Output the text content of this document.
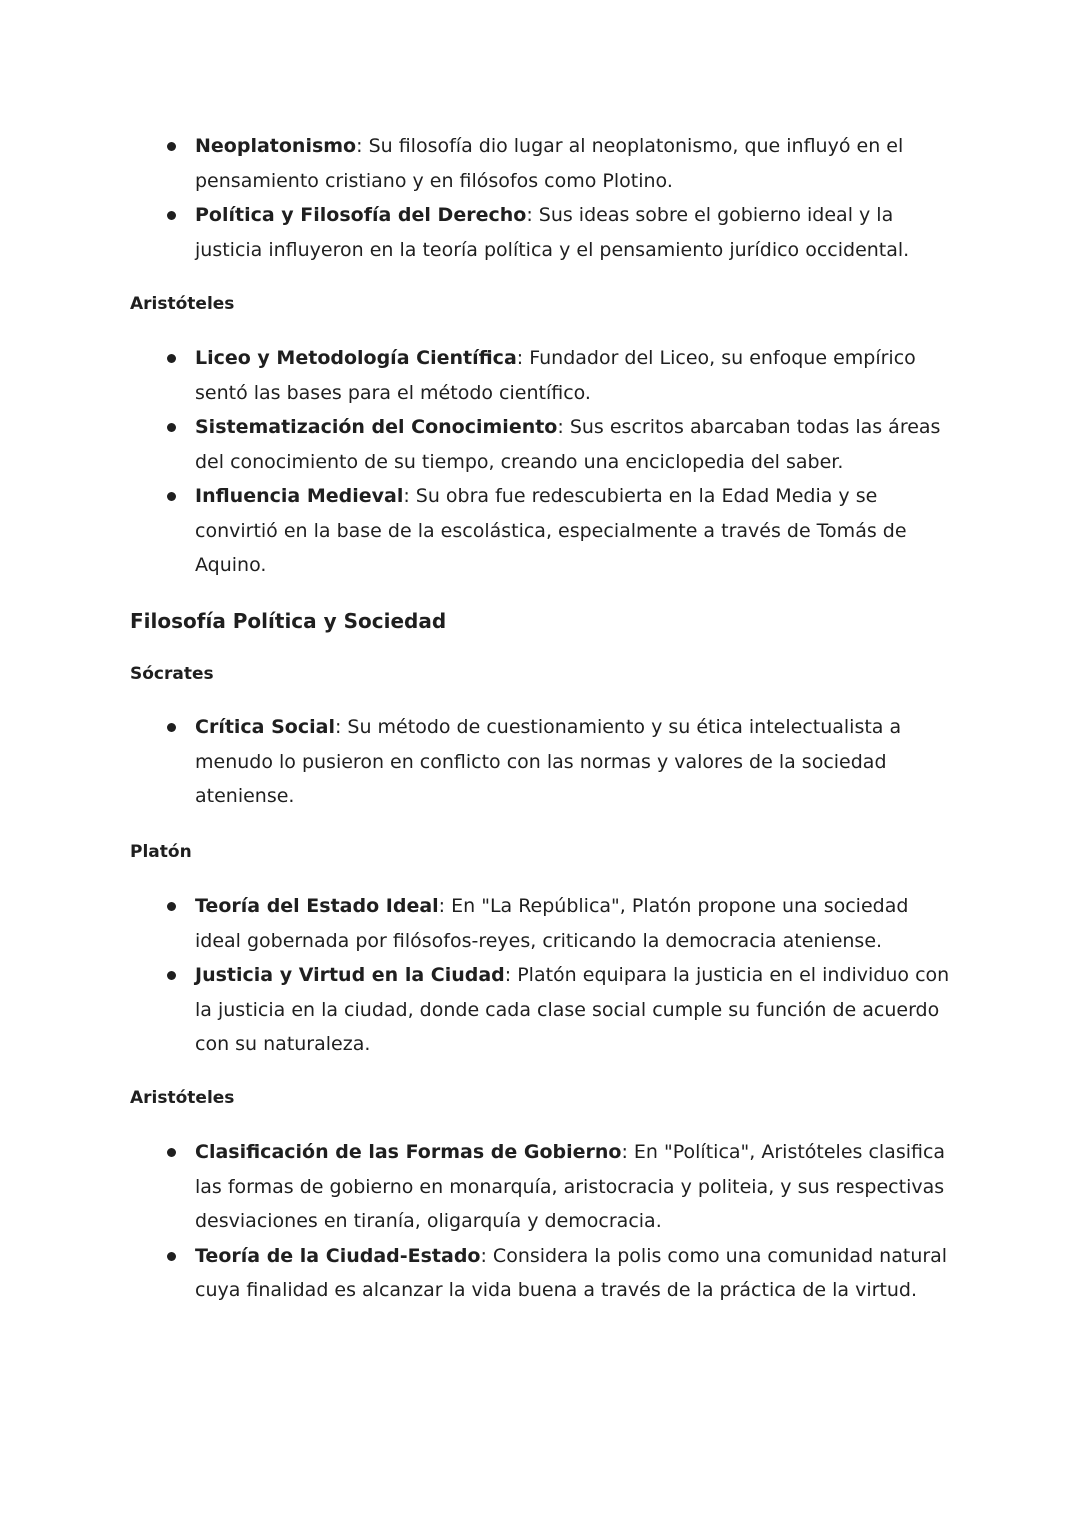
Neoplatonismo: Su filosofía dio lugar al neoplatonismo, que influyó en el pensamiento cristiano y en filósofos como Plotino.
Política y Filosofía del Derecho: Sus ideas sobre el gobierno ideal y la justicia influyeron en la teoría política y el pensamiento jurídico occidental.
Aristóteles
Liceo y Metodología Científica: Fundador del Liceo, su enfoque empírico sentó las bases para el método científico.
Sistematización del Conocimiento: Sus escritos abarcaban todas las áreas del conocimiento de su tiempo, creando una enciclopedia del saber.
Influencia Medieval: Su obra fue redescubierta en la Edad Media y se convirtió en la base de la escolástica, especialmente a través de Tomás de Aquino.
Filosofía Política y Sociedad
Sócrates
Crítica Social: Su método de cuestionamiento y su ética intelectualista a menudo lo pusieron en conflicto con las normas y valores de la sociedad ateniense.
Platón
Teoría del Estado Ideal: En "La República", Platón propone una sociedad ideal gobernada por filósofos-reyes, criticando la democracia ateniense.
Justicia y Virtud en la Ciudad: Platón equipara la justicia en el individuo con la justicia en la ciudad, donde cada clase social cumple su función de acuerdo con su naturaleza.
Aristóteles
Clasificación de las Formas de Gobierno: En "Política", Aristóteles clasifica las formas de gobierno en monarquía, aristocracia y politeia, y sus respectivas desviaciones en tiranía, oligarquía y democracia.
Teoría de la Ciudad-Estado: Considera la polis como una comunidad natural cuya finalidad es alcanzar la vida buena a través de la práctica de la virtud.
